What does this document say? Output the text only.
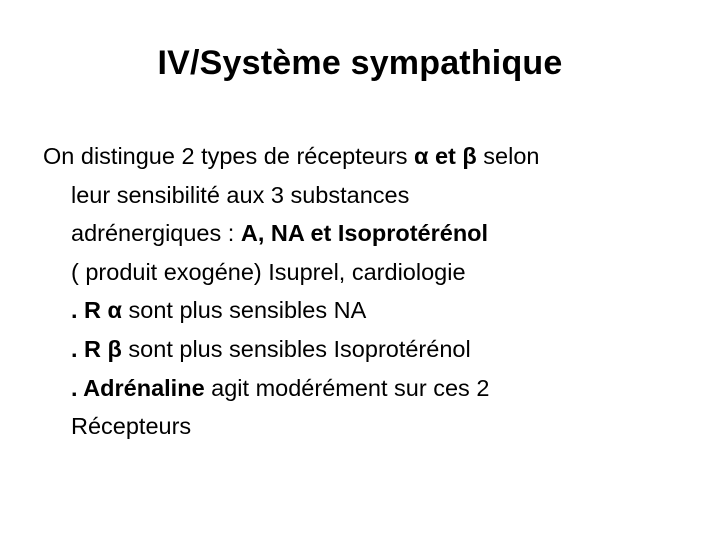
IV/Système sympathique
On distingue 2 types de récepteurs α et β selon
leur sensibilité aux 3 substances
adrénergiques : A, NA et Isoprotérénol
( produit exogéne) Isuprel, cardiologie
. R α sont plus sensibles NA
. R β sont plus sensibles Isoprotérénol
. Adrénaline agit modérément sur ces 2
Récepteurs
